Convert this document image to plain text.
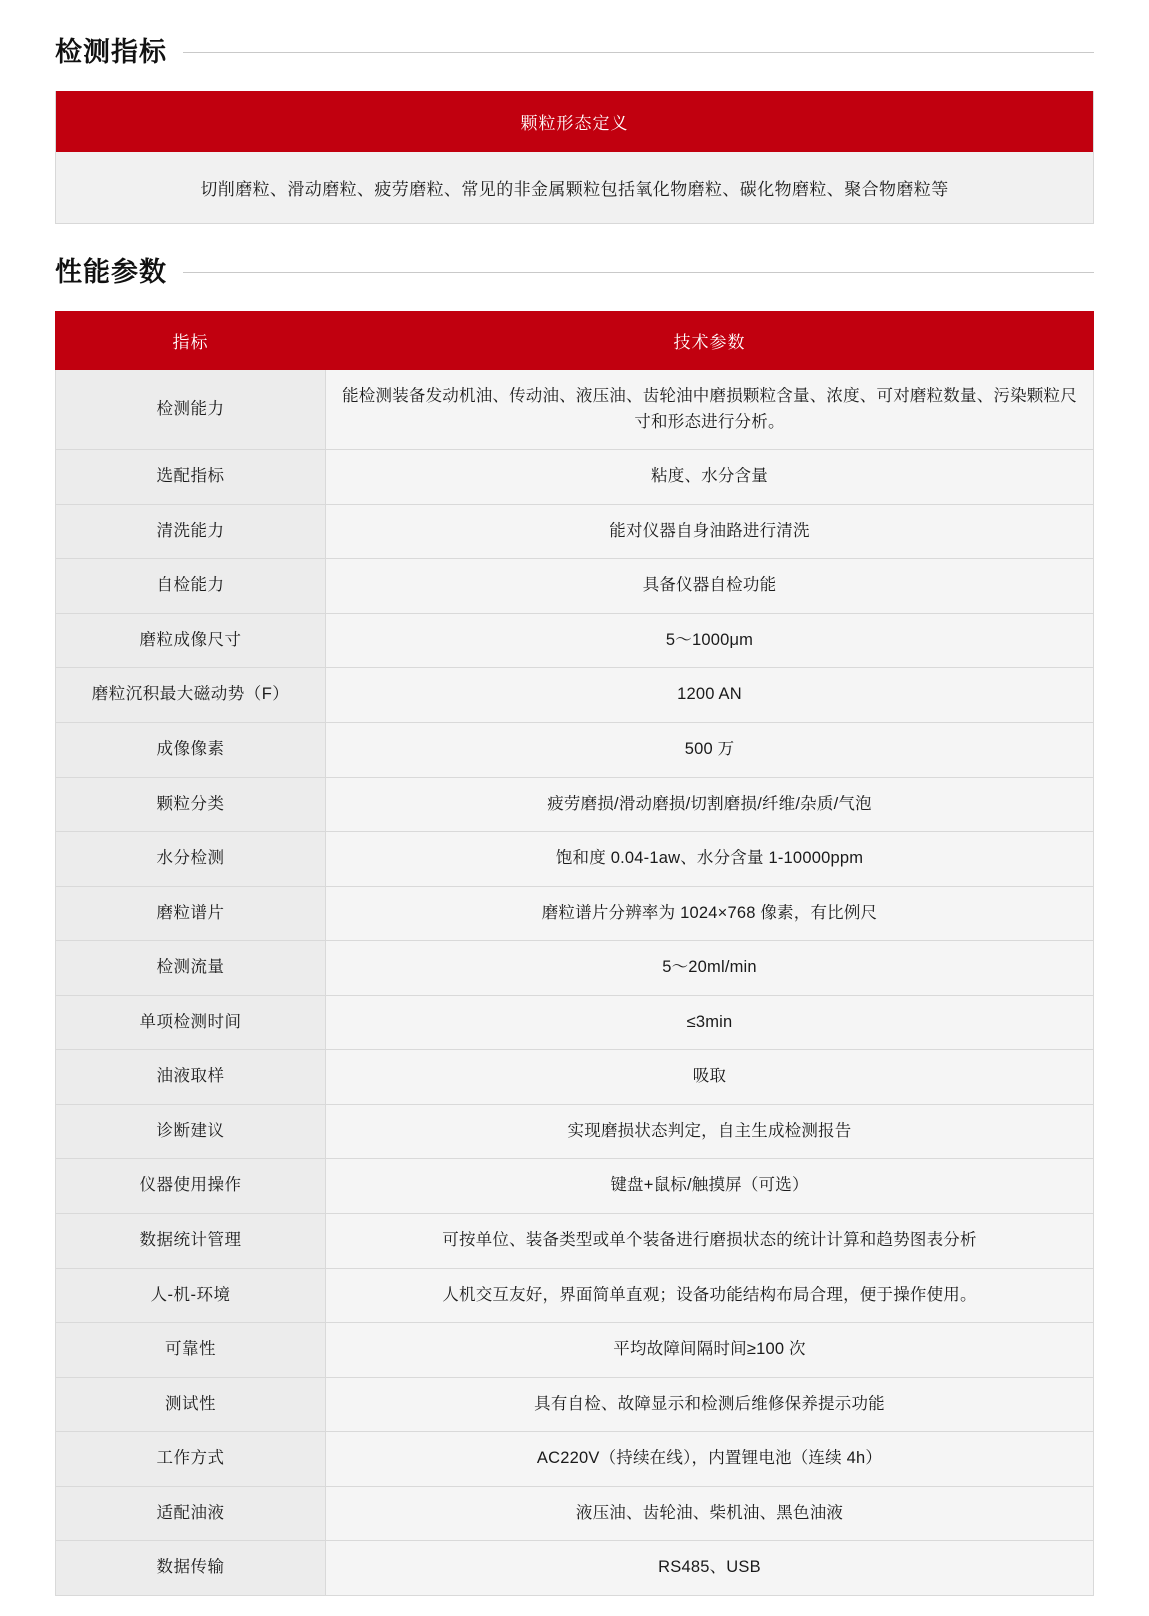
检测指标
颗粒形态定义
切削磨粒、滑动磨粒、疲劳磨粒、常见的非金属颗粒包括氧化物磨粒、碳化物磨粒、聚合物磨粒等
性能参数
指标	技术参数
检测能力	能检测装备发动机油、传动油、液压油、齿轮油中磨损颗粒含量、浓度、可对磨粒数量、污染颗粒尺寸和形态进行分析。
选配指标	粘度、水分含量
清洗能力	能对仪器自身油路进行清洗
自检能力	具备仪器自检功能
磨粒成像尺寸	5～1000μm
磨粒沉积最大磁动势（F）	1200 AN
成像像素	500 万
颗粒分类	疲劳磨损/滑动磨损/切割磨损/纤维/杂质/气泡
水分检测	饱和度 0.04-1aw、水分含量 1-10000ppm
磨粒谱片	磨粒谱片分辨率为 1024×768 像素，有比例尺
检测流量	5～20ml/min
单项检测时间	≤3min
油液取样	吸取
诊断建议	实现磨损状态判定，自主生成检测报告
仪器使用操作	键盘+鼠标/触摸屏（可选）
数据统计管理	可按单位、装备类型或单个装备进行磨损状态的统计计算和趋势图表分析
人-机-环境	人机交互友好，界面简单直观；设备功能结构布局合理，便于操作使用。
可靠性	平均故障间隔时间≥100 次
测试性	具有自检、故障显示和检测后维修保养提示功能
工作方式	AC220V（持续在线），内置锂电池（连续 4h）
适配油液	液压油、齿轮油、柴机油、黑色油液
数据传输	RS485、USB
